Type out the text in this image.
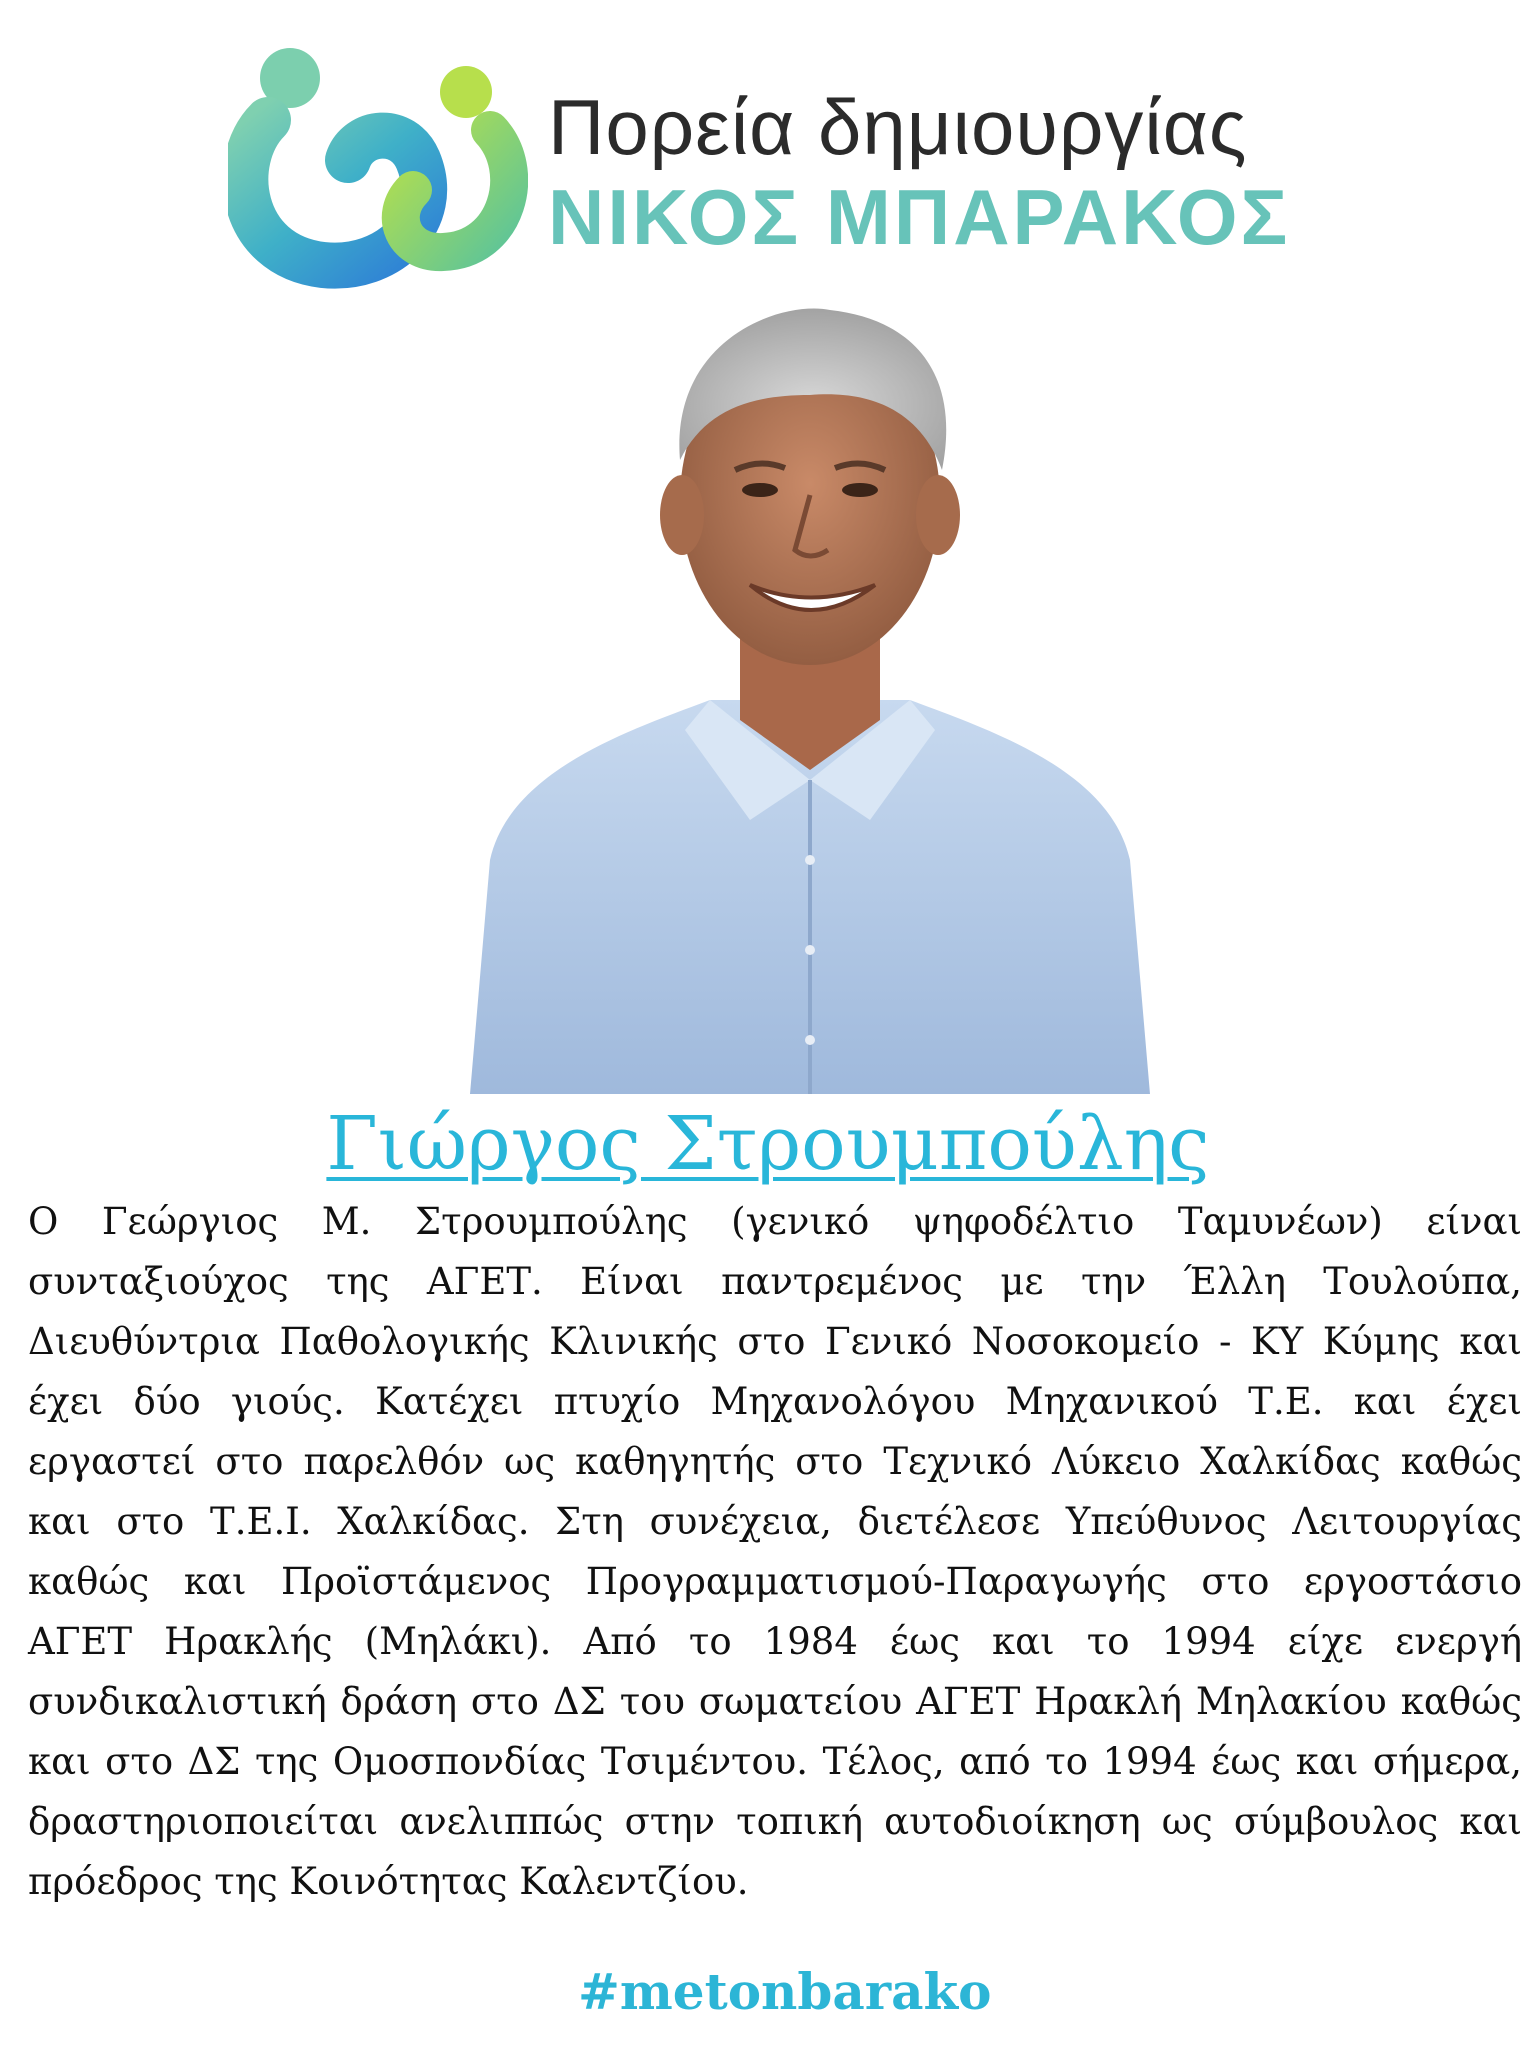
Πορεία δημιουργίας
ΝΙΚΟΣ ΜΠΑΡΑΚΟΣ
Γιώργος Στρουμπούλης

Ο Γεώργιος Μ. Στρουμπούλης (γενικό ψηφοδέλτιο Ταμυνέων) είναι συνταξιούχος της ΑΓΕΤ. Είναι παντρεμένος με την Έλλη Τουλούπα, Διευθύντρια Παθολογικής Κλινικής στο Γενικό Νοσοκομείο - ΚΥ Κύμης και έχει δύο γιούς. Κατέχει πτυχίο Μηχανολόγου Μηχανικού Τ.Ε. και έχει εργαστεί στο παρελθόν ως καθηγητής στο Τεχνικό Λύκειο Χαλκίδας καθώς και στο Τ.Ε.Ι. Χαλκίδας. Στη συνέχεια, διετέλεσε Υπεύθυνος Λειτουργίας καθώς και Προϊστάμενος Προγραμματισμού-Παραγωγής στο εργοστάσιο ΑΓΕΤ Ηρακλής (Μηλάκι). Από το 1984 έως και το 1994 είχε ενεργή συνδικαλιστική δράση στο ΔΣ του σωματείου ΑΓΕΤ Ηρακλή Μηλακίου καθώς και στο ΔΣ της Ομοσπονδίας Τσιμέντου. Τέλος, από το 1994 έως και σήμερα, δραστηριοποιείται ανελιππώς στην τοπική αυτοδιοίκηση ως σύμβουλος και πρόεδρος της Κοινότητας Καλεντζίου.

#metonbarako
